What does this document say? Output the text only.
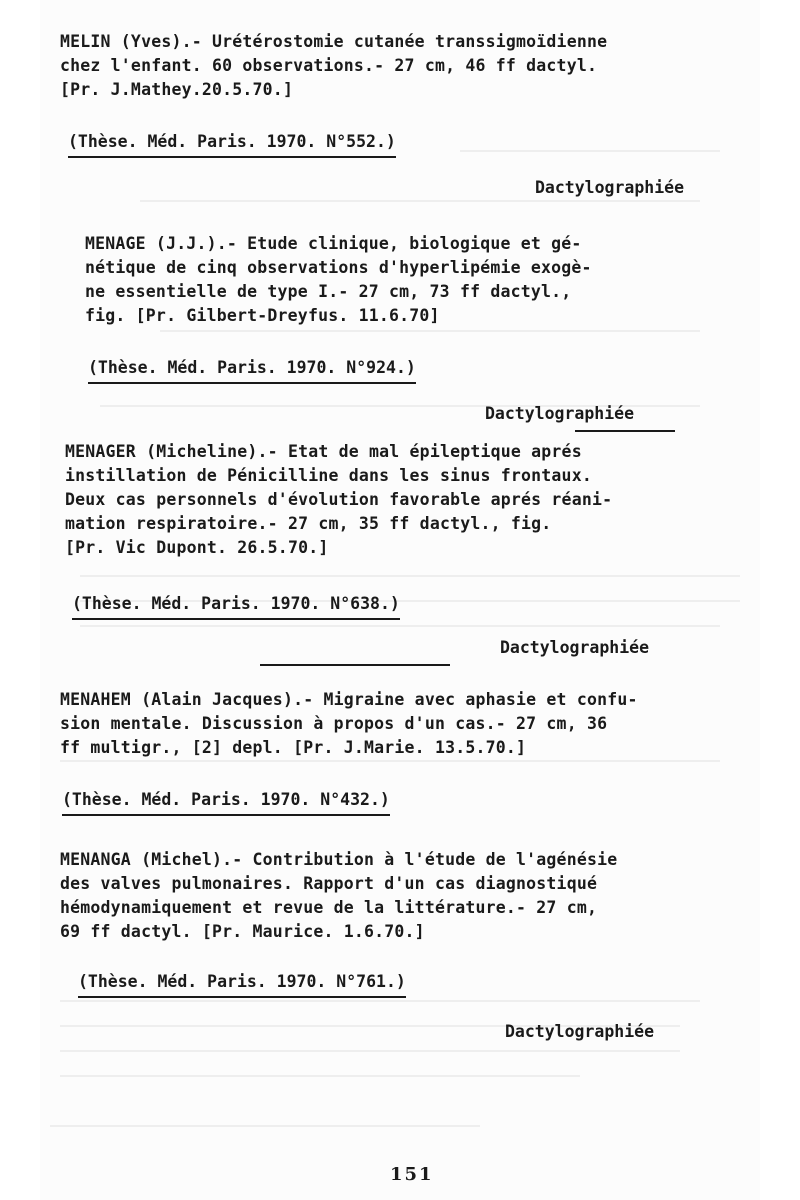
MELIN (Yves).- Urétérostomie cutanée transsigmoïdienne
chez l'enfant. 60 observations.- 27 cm, 46 ff dactyl.
[Pr. J.Mathey.20.5.70.]
(Thèse. Méd. Paris. 1970. N°552.)
Dactylographiée
MENAGE (J.J.).- Etude clinique, biologique et gé-
nétique de cinq observations d'hyperlipémie exogè-
ne essentielle de type I.- 27 cm, 73 ff dactyl.,
fig. [Pr. Gilbert-Dreyfus. 11.6.70]
(Thèse. Méd. Paris. 1970. N°924.)
Dactylographiée
MENAGER (Micheline).- Etat de mal épileptique aprés
instillation de Pénicilline dans les sinus frontaux.
Deux cas personnels d'évolution favorable aprés réani-
mation respiratoire.- 27 cm, 35 ff dactyl., fig.
[Pr. Vic Dupont. 26.5.70.]
(Thèse. Méd. Paris. 1970. N°638.)
Dactylographiée
MENAHEM (Alain Jacques).- Migraine avec aphasie et confu-
sion mentale. Discussion à propos d'un cas.- 27 cm, 36
ff multigr., [2] depl. [Pr. J.Marie. 13.5.70.]
(Thèse. Méd. Paris. 1970. N°432.)
MENANGA (Michel).- Contribution à l'étude de l'agénésie
des valves pulmonaires. Rapport d'un cas diagnostiqué
hémodynamiquement et revue de la littérature.- 27 cm,
69 ff dactyl. [Pr. Maurice. 1.6.70.]
(Thèse. Méd. Paris. 1970. N°761.)
Dactylographiée
151
